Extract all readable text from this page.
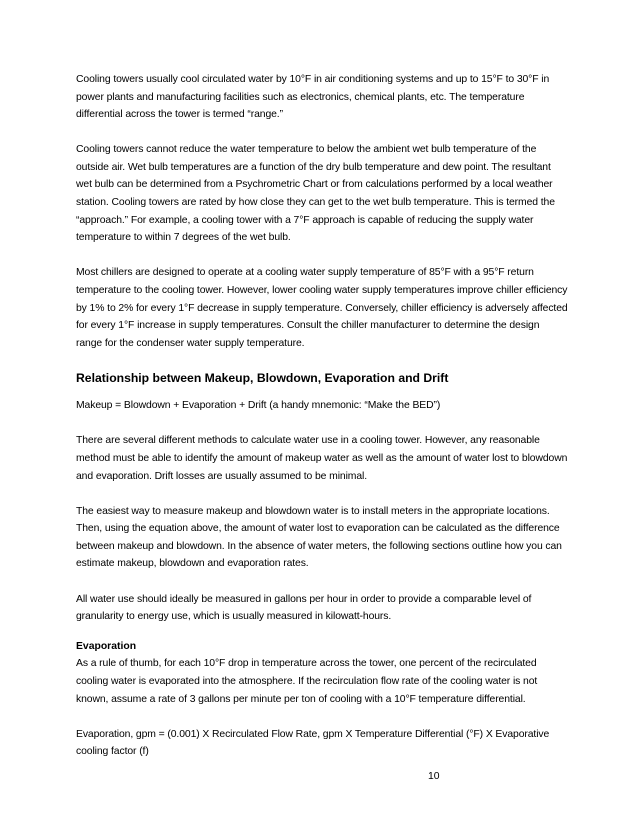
Cooling towers usually cool circulated water by 10°F in air conditioning systems and up to 15°F to 30°F in power plants and manufacturing facilities such as electronics, chemical plants, etc. The temperature differential across the tower is termed “range.”

Cooling towers cannot reduce the water temperature to below the ambient wet bulb temperature of the outside air. Wet bulb temperatures are a function of the dry bulb temperature and dew point. The resultant wet bulb can be determined from a Psychrometric Chart or from calculations performed by a local weather station. Cooling towers are rated by how close they can get to the wet bulb temperature. This is termed the “approach.” For example, a cooling tower with a 7°F approach is capable of reducing the supply water temperature to within 7 degrees of the wet bulb.

Most chillers are designed to operate at a cooling water supply temperature of 85°F with a 95°F return temperature to the cooling tower. However, lower cooling water supply temperatures improve chiller efficiency by 1% to 2% for every 1°F decrease in supply temperature. Conversely, chiller efficiency is adversely affected for every 1°F increase in supply temperatures. Consult the chiller manufacturer to determine the design range for the condenser water supply temperature.

Relationship between Makeup, Blowdown, Evaporation and Drift

Makeup = Blowdown + Evaporation + Drift (a handy mnemonic: “Make the BED”)

There are several different methods to calculate water use in a cooling tower. However, any reasonable method must be able to identify the amount of makeup water as well as the amount of water lost to blowdown and evaporation. Drift losses are usually assumed to be minimal.

The easiest way to measure makeup and blowdown water is to install meters in the appropriate locations. Then, using the equation above, the amount of water lost to evaporation can be calculated as the difference between makeup and blowdown. In the absence of water meters, the following sections outline how you can estimate makeup, blowdown and evaporation rates.

All water use should ideally be measured in gallons per hour in order to provide a comparable level of granularity to energy use, which is usually measured in kilowatt-hours.

Evaporation

As a rule of thumb, for each 10°F drop in temperature across the tower, one percent of the recirculated cooling water is evaporated into the atmosphere. If the recirculation flow rate of the cooling water is not known, assume a rate of 3 gallons per minute per ton of cooling with a 10°F temperature differential.

Evaporation, gpm = (0.001) X Recirculated Flow Rate, gpm X Temperature Differential (°F) X Evaporative cooling factor (f)

10
